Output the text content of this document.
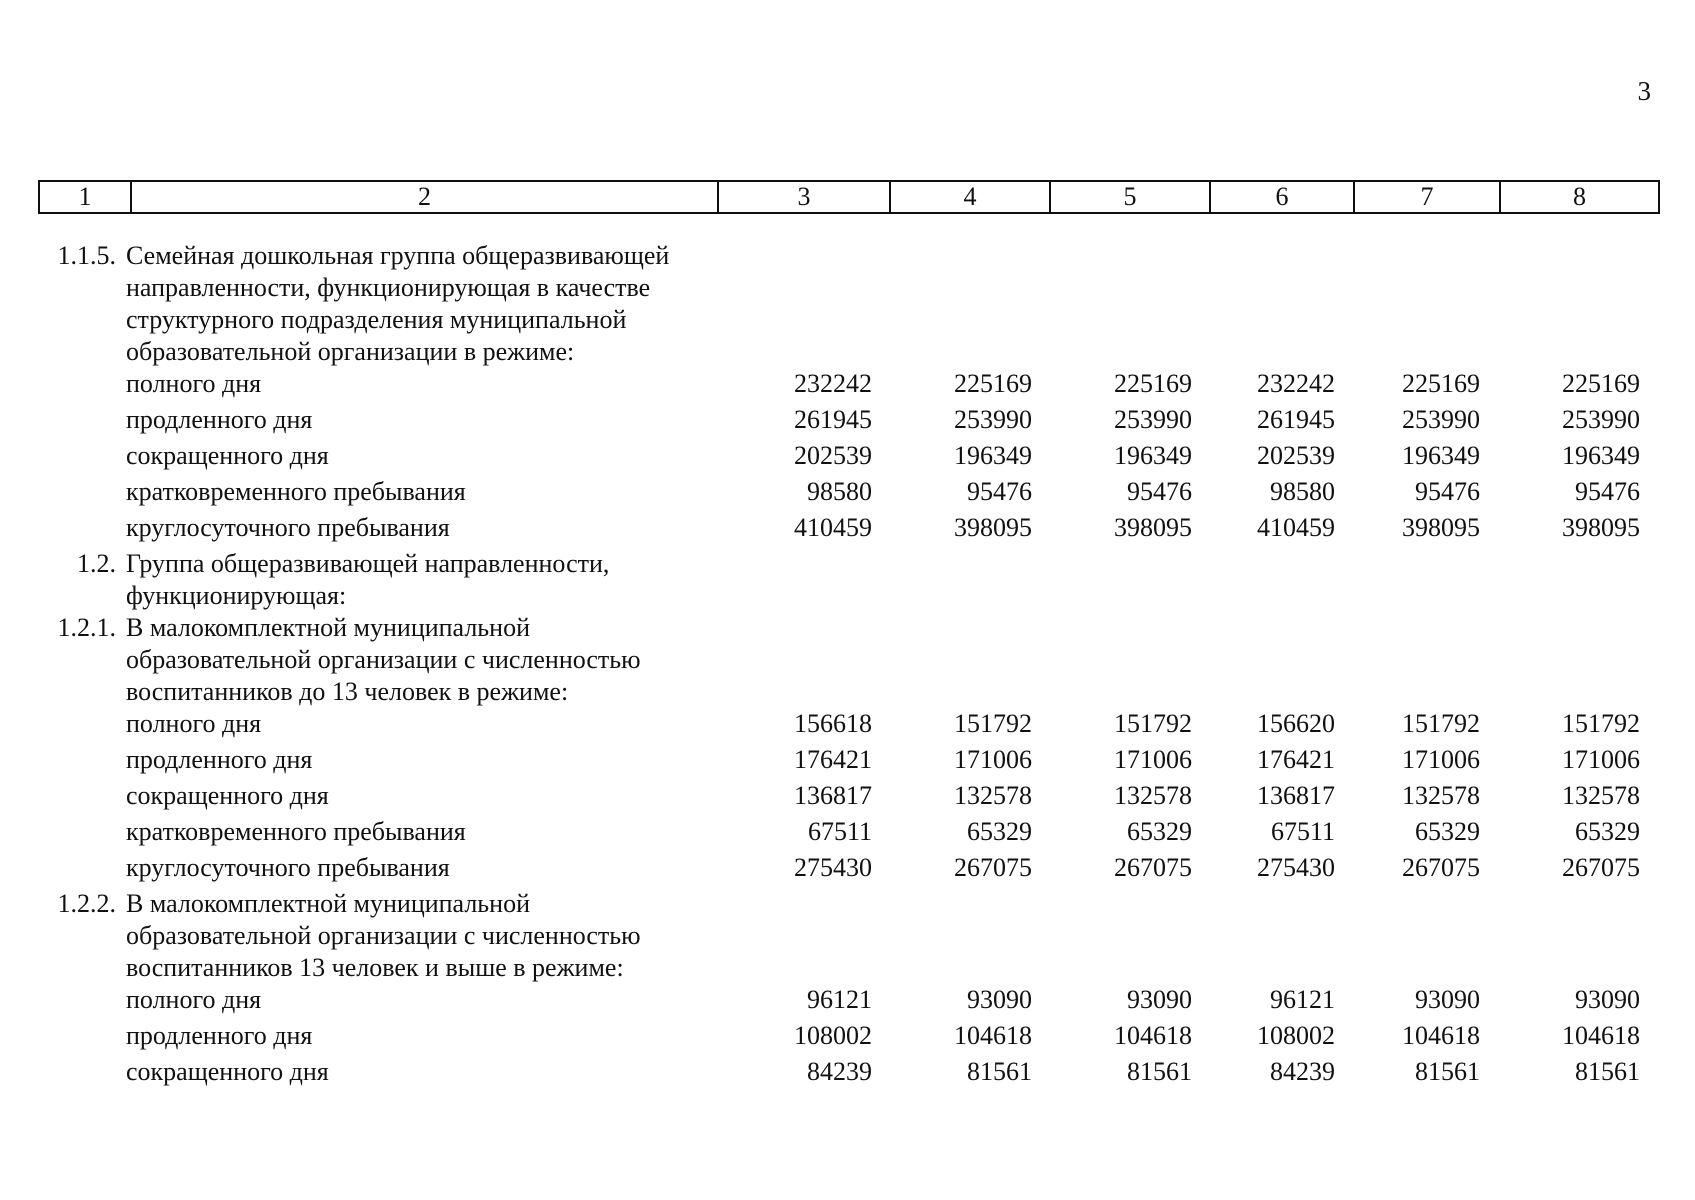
3
1	2	3	4	5	6	7	8
1.1.5. Семейная дошкольная группа общеразвивающей направленности, функционирующая в качестве структурного подразделения муниципальной образовательной организации в режиме:
полного дня	232242	225169	225169	232242	225169	225169
продленного дня	261945	253990	253990	261945	253990	253990
сокращенного дня	202539	196349	196349	202539	196349	196349
кратковременного пребывания	98580	95476	95476	98580	95476	95476
круглосуточного пребывания	410459	398095	398095	410459	398095	398095
1.2. Группа общеразвивающей направленности, функционирующая:
1.2.1. В малокомплектной муниципальной образовательной организации с численностью воспитанников до 13 человек в режиме:
полного дня	156618	151792	151792	156620	151792	151792
продленного дня	176421	171006	171006	176421	171006	171006
сокращенного дня	136817	132578	132578	136817	132578	132578
кратковременного пребывания	67511	65329	65329	67511	65329	65329
круглосуточного пребывания	275430	267075	267075	275430	267075	267075
1.2.2. В малокомплектной муниципальной образовательной организации с численностью воспитанников 13 человек и выше в режиме:
полного дня	96121	93090	93090	96121	93090	93090
продленного дня	108002	104618	104618	108002	104618	104618
сокращенного дня	84239	81561	81561	84239	81561	81561
